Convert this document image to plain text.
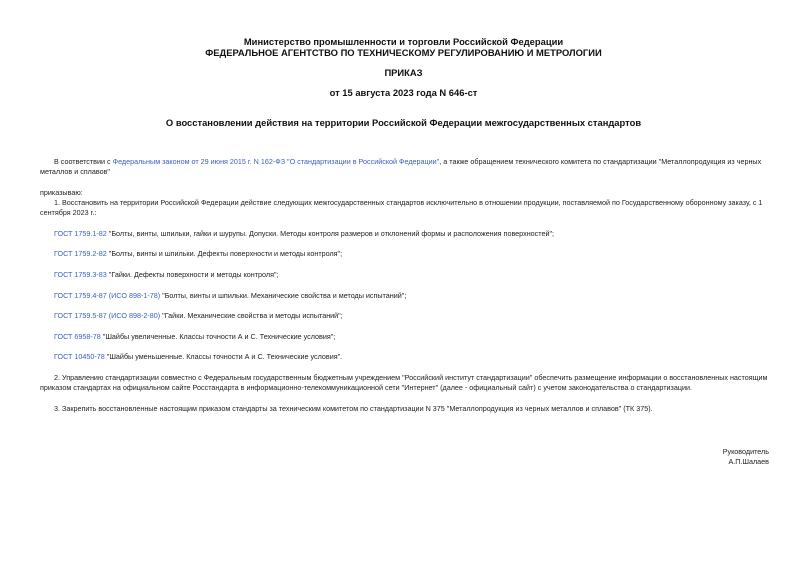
Министерство промышленности и торговли Российской Федерации
ФЕДЕРАЛЬНОЕ АГЕНТСТВО ПО ТЕХНИЧЕСКОМУ РЕГУЛИРОВАНИЮ И МЕТРОЛОГИИ
ПРИКАЗ
от 15 августа 2023 года N 646-ст
О восстановлении действия на территории Российской Федерации межгосударственных стандартов
В соответствии с Федеральным законом от 29 июня 2015 г. N 162-ФЗ "О стандартизации в Российской Федерации", а также обращением технического комитета по стандартизации "Металлопродукция из черных металлов и сплавов"
приказываю:
1. Восстановить на территории Российской Федерации действие следующих межгосударственных стандартов исключительно в отношении продукции, поставляемой по Государственному оборонному заказу, с 1 сентября 2023 г.:
ГОСТ 1759.1-82 "Болты, винты, шпильки, гайки и шурупы. Допуски. Методы контроля размеров и отклонений формы и расположения поверхностей";
ГОСТ 1759.2-82 "Болты, винты и шпильки. Дефекты поверхности и методы контроля";
ГОСТ 1759.3-83 "Гайки. Дефекты поверхности и методы контроля";
ГОСТ 1759.4-87 (ИСО 898-1-78) "Болты, винты и шпильки. Механические свойства и методы испытаний";
ГОСТ 1759.5-87 (ИСО 898-2-80) "Гайки. Механические свойства и методы испытаний";
ГОСТ 6958-78 "Шайбы увеличенные. Классы точности А и С. Технические условия";
ГОСТ 10450-78 "Шайбы уменьшенные. Классы точности А и С. Технические условия".
2. Управлению стандартизации совместно с Федеральным государственным бюджетным учреждением "Российский институт стандартизации" обеспечить размещение информации о восстановленных настоящим приказом стандартах на официальном сайте Росстандарта в информационно-телекоммуникационной сети "Интернет" (далее - официальный сайт) с учетом законодательства о стандартизации.
3. Закрепить восстановленные настоящим приказом стандарты за техническим комитетом по стандартизации N 375 "Металлопродукция из черных металлов и сплавов" (ТК 375).
Руководитель
А.П.Шалаев
